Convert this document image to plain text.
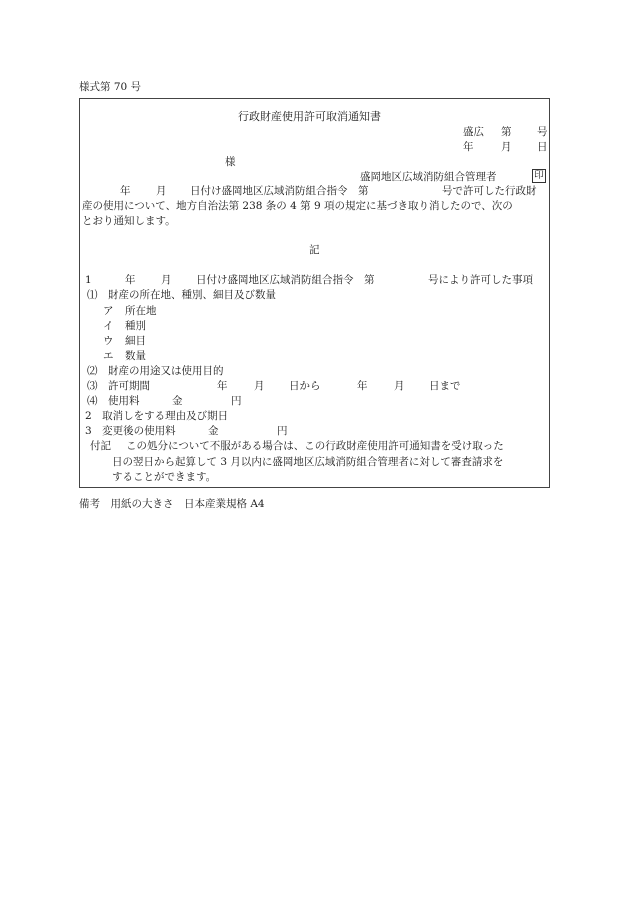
様式第 70 号
行政財産使用許可取消通知書
盛広 第 号
年	月 日
様
盛岡地区広域消防組合管理者	印
年 月 日付け盛岡地区広域消防組合指令　第	号で許可した行政財
産の使用について、地方自治法第 238 条の 4 第 9 項の規定に基づき取り消したので、次の
とおり通知します。
記
1	年 月 日付け盛岡地区広域消防組合指令　第	号により許可した事項
⑴　財産の所在地、種別、細目及び数量
ア 所在地
イ 種別
ウ 細目
エ 数量
⑵　財産の用途又は使用目的
⑶　許可期間	年	月 日から	年	月 日まで
⑷　使用料	金	円
2　取消しをする理由及び期日
3　変更後の使用料	金	円
付記 この処分について不服がある場合は、この行政財産使用許可通知書を受け取った
日の翌日から起算して 3 月以内に盛岡地区広域消防組合管理者に対して審査請求を
することができます。
備考　用紙の大きさ　日本産業規格 A4
